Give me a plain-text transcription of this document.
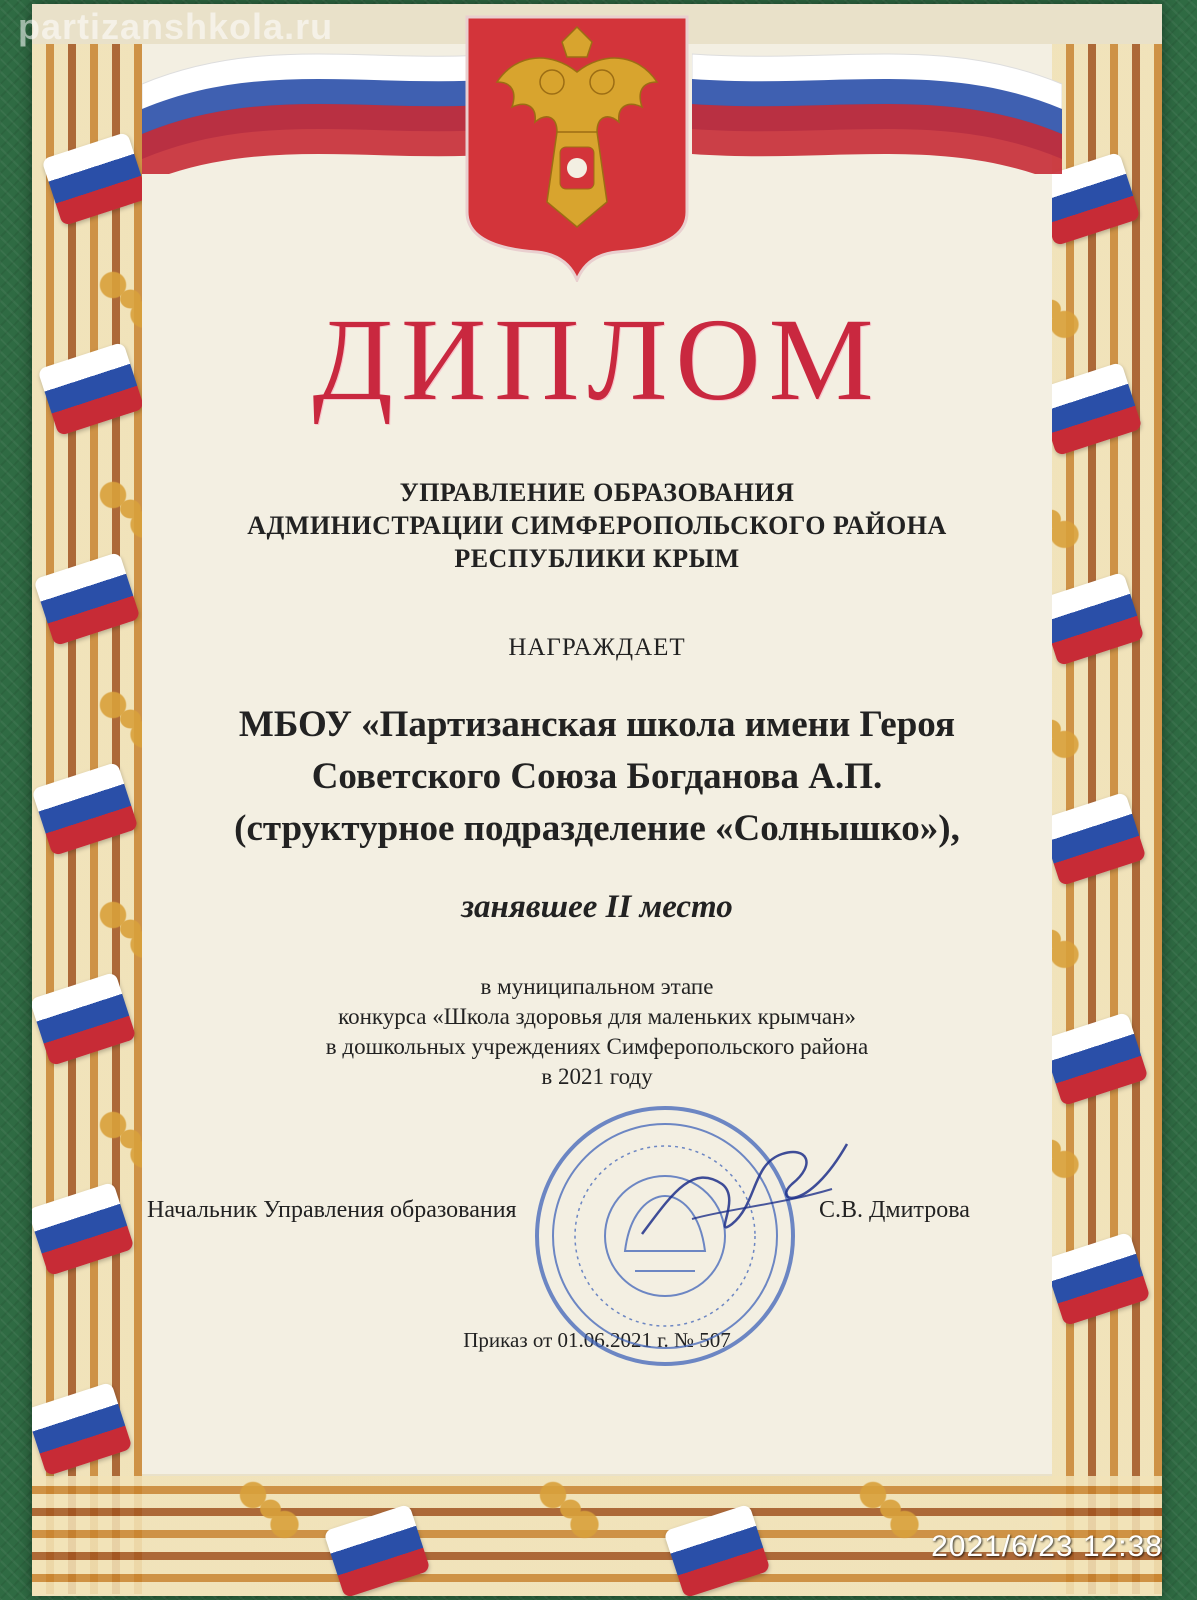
partizanshkola.ru
ДИПЛОМ
УПРАВЛЕНИЕ ОБРАЗОВАНИЯ
АДМИНИСТРАЦИИ СИМФЕРОПОЛЬСКОГО РАЙОНА
РЕСПУБЛИКИ КРЫМ
НАГРАЖДАЕТ
МБОУ «Партизанская школа имени Героя
Советского Союза Богданова А.П.
(структурное подразделение «Солнышко»),
занявшее II место
в муниципальном этапе
конкурса «Школа здоровья для маленьких крымчан»
в дошкольных учреждениях Симферопольского района
в 2021 году
Начальник Управления образования	С.В. Дмитрова
Приказ от 01.06.2021 г. № 507
2021/6/23 12:38
